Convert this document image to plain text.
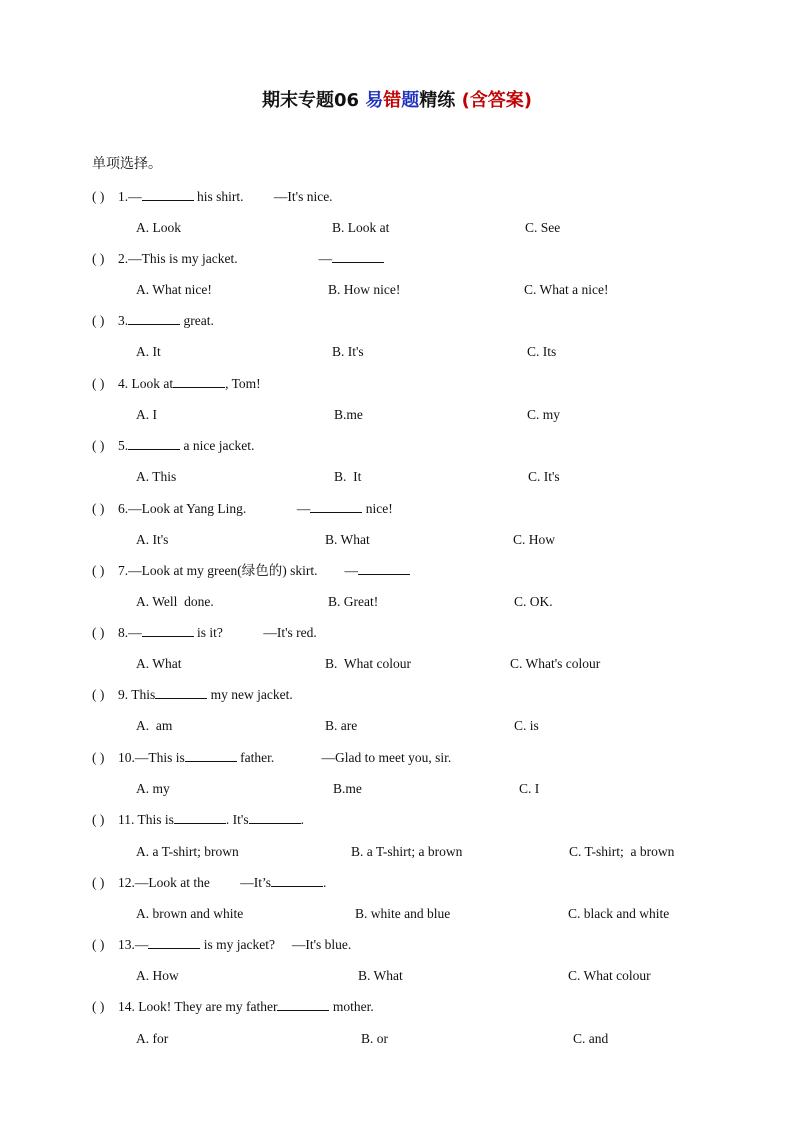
期末专题06 易错题精练 (含答案)
单项选择。
( ) 1.—	his shirt.         —It's nice.
A. Look	B. Look at	C. See
( ) 2.—This is my jacket.                        —
A. What nice!	B. How nice!	C. What a nice!
( ) 3.	great.
A. It	B. It's	C. Its
( ) 4. Look at	, Tom!
A. I	B.me	C. my
( ) 5.	a nice jacket.
A. This	B.  It	C. It's
( ) 6.—Look at Yang Ling.               —	nice!
A. It's	B. What	C. How
( ) 7.—Look at my green(绿色的) skirt.        —
A. Well  done.	B. Great!	C. OK.
( ) 8.—	is it?            —It's red.
A. What	B.  What colour	C. What's colour
( ) 9. This	my new jacket.
A.  am	B. are	C. is
( ) 10.—This is	father.              —Glad to meet you, sir.
A. my	B.me	C. I
( ) 11. This is	. It's	.
A. a T-shirt; brown	B. a T-shirt; a brown	C. T-shirt;  a brown
( ) 12.—Look at the         —It’s	.
A. brown and white	B. white and blue	C. black and white
( ) 13.—	is my jacket?     —It's blue.
A. How	B. What	C. What colour
( ) 14. Look! They are my father	mother.
A. for	B. or	C. and
